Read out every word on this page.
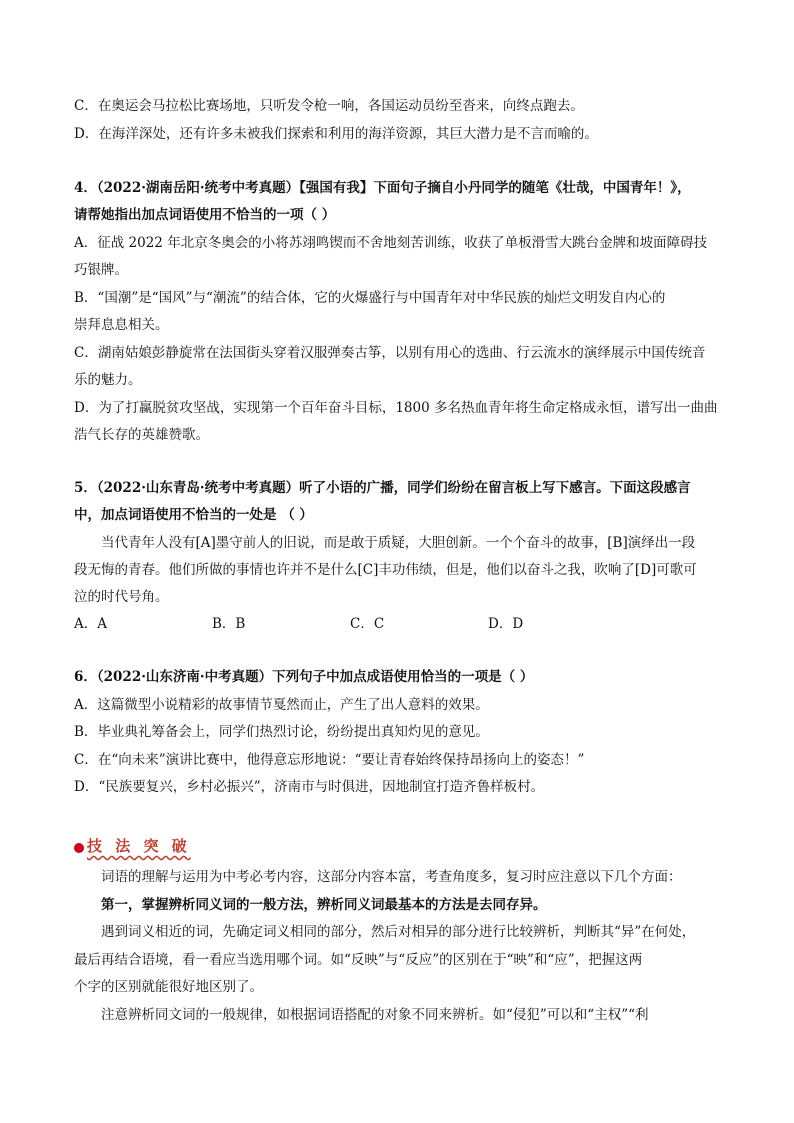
C．在奥运会马拉松比赛场地，只听发令枪一响，各国运动员纷至沓来，向终点跑去。
D．在海洋深处，还有许多未被我们探索和利用的海洋资源，其巨大潜力是不言而喻的。
4．（2022·湖南岳阳·统考中考真题）【强国有我】下面句子摘自小丹同学的随笔《壮哉，中国青年！》，
请帮她指出加点词语使用不恰当的一项（ ）
A．征战 2022 年北京冬奥会的小将苏翊鸣锲而不舍地刻苦训练，收获了单板滑雪大跳台金牌和坡面障碍技
巧银牌。
B．“国潮”是“国风”与“潮流”的结合体，它的火爆盛行与中国青年对中华民族的灿烂文明发自内心的
崇拜息息相关。
C．湖南姑娘彭静旋常在法国街头穿着汉服弹奏古筝，以别有用心的选曲、行云流水的演绎展示中国传统音
乐的魅力。
D．为了打赢脱贫攻坚战，实现第一个百年奋斗目标，1800 多名热血青年将生命定格成永恒，谱写出一曲曲
浩气长存的英雄赞歌。
5．（2022·山东青岛·统考中考真题）听了小语的广播，同学们纷纷在留言板上写下感言。下面这段感言
中，加点词语使用不恰当的一处是 （ ）
当代青年人没有[A]墨守前人的旧说，而是敢于质疑，大胆创新。一个个奋斗的故事，[B]演绎出一段
段无悔的青春。他们所做的事情也许并不是什么[C]丰功伟绩，但是，他们以奋斗之我，吹响了[D]可歌可
泣的时代号角。
A．A	B．B	C．C	D．D
6．（2022·山东济南·中考真题）下列句子中加点成语使用恰当的一项是（ ）
A．这篇微型小说精彩的故事情节戛然而止，产生了出人意料的效果。
B．毕业典礼筹备会上，同学们热烈讨论，纷纷提出真知灼见的意见。
C．在“向未来”演讲比赛中，他得意忘形地说：“要让青春始终保持昂扬向上的姿态！”
D．“民族要复兴，乡村必振兴”，济南市与时俱进，因地制宜打造齐鲁样板村。
技 法 突 破
词语的理解与运用为中考必考内容，这部分内容本富，考查角度多，复习时应注意以下几个方面：
第一，掌握辨析同义词的一般方法，辨析同义词最基本的方法是去同存异。
遇到词义相近的词，先确定词义相同的部分，然后对相异的部分进行比较辨析，判断其“异”在何处，
最后再结合语境，看一看应当选用哪个词。如“反映”与“反应”的区别在于“映”和“应”，把握这两
个字的区别就能很好地区别了。
注意辨析同文词的一般规律，如根据词语搭配的对象不同来辨析。如“侵犯”可以和“主权”“利
